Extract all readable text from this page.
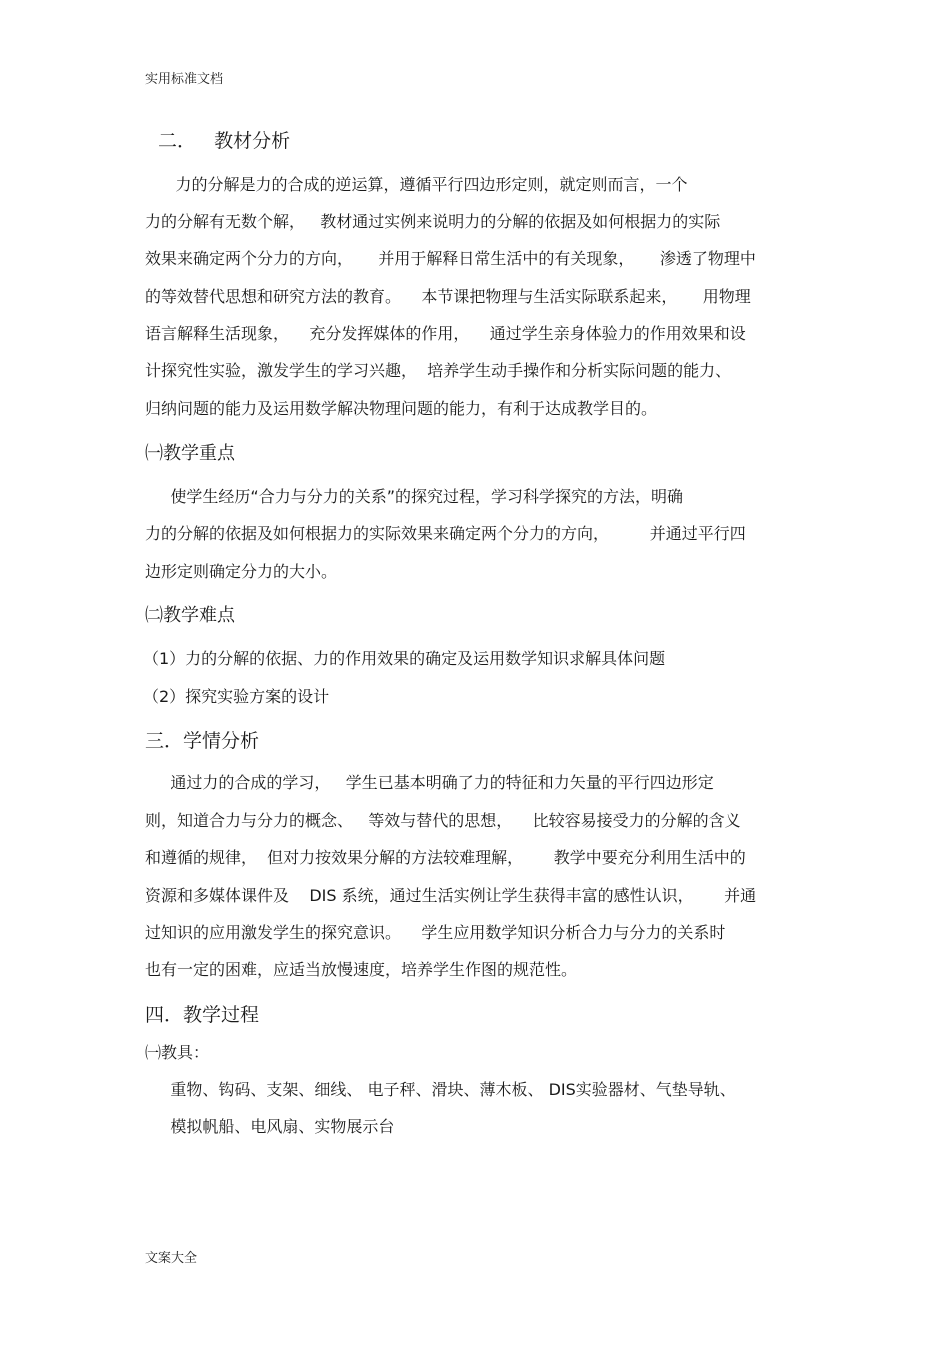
实用标准文档
二．   教材分析
力的分解是力的合成的逆运算，遵循平行四边形定则，就定则而言，一个
力的分解有无数个解，   教材通过实例来说明力的分解的依据及如何根据力的实际
效果来确定两个分力的方向，     并用于解释日常生活中的有关现象，     渗透了物理中
的等效替代思想和研究方法的教育。    本节课把物理与生活实际联系起来，     用物理
语言解释生活现象，    充分发挥媒体的作用，    通过学生亲身体验力的作用效果和设
计探究性实验，激发学生的学习兴趣，  培养学生动手操作和分析实际问题的能力、
归纳问题的能力及运用数学解决物理问题的能力，有利于达成教学目的。
㈠教学重点
使学生经历“合力与分力的关系”的探究过程，学习科学探究的方法，明确
力的分解的依据及如何根据力的实际效果来确定两个分力的方向，        并通过平行四
边形定则确定分力的大小。
㈡教学难点
（1）力的分解的依据、力的作用效果的确定及运用数学知识求解具体问题
（2）探究实验方案的设计
三．学情分析
通过力的合成的学习，   学生已基本明确了力的特征和力矢量的平行四边形定
则，知道合力与分力的概念、   等效与替代的思想，    比较容易接受力的分解的含义
和遵循的规律，  但对力按效果分解的方法较难理解，      教学中要充分利用生活中的
资源和多媒体课件及    DIS 系统，通过生活实例让学生获得丰富的感性认识，      并通
过知识的应用激发学生的探究意识。    学生应用数学知识分析合力与分力的关系时
也有一定的困难，应适当放慢速度，培养学生作图的规范性。
四．教学过程
㈠教具：
重物、钩码、支架、细线、 电子秤、滑块、薄木板、 DIS实验器材、气垫导轨、
模拟帆船、电风扇、实物展示台
文案大全
